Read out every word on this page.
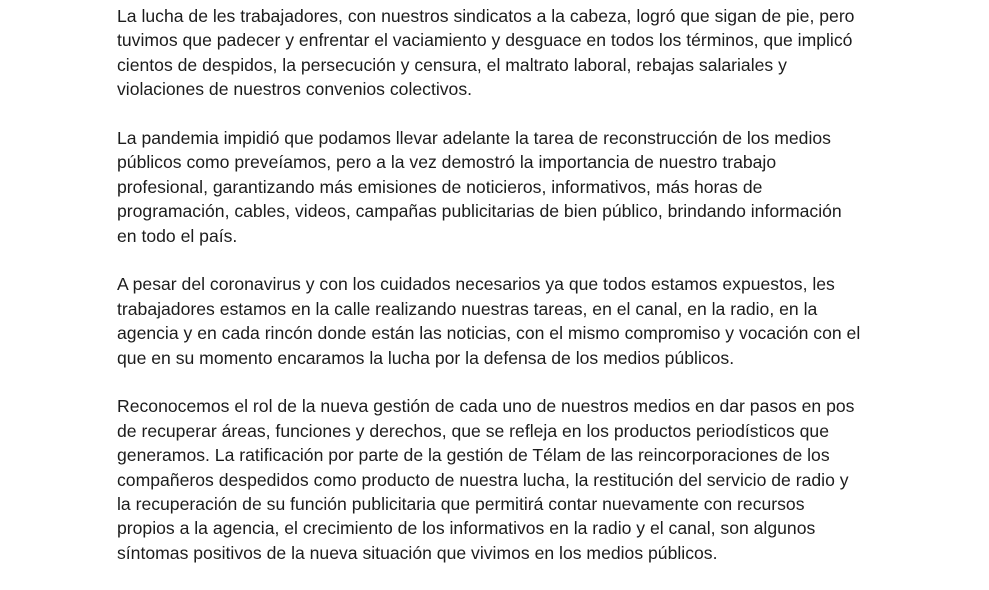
La lucha de les trabajadores, con nuestros sindicatos a la cabeza, logró que sigan de pie, pero
tuvimos que padecer y enfrentar el vaciamiento y desguace en todos los términos, que implicó
cientos de despidos, la persecución y censura, el maltrato laboral, rebajas salariales y
violaciones de nuestros convenios colectivos.

La pandemia impidió que podamos llevar adelante la tarea de reconstrucción de los medios
públicos como preveíamos, pero a la vez demostró la importancia de nuestro trabajo
profesional, garantizando más emisiones de noticieros, informativos, más horas de
programación, cables, videos, campañas publicitarias de bien público, brindando información
en todo el país.

A pesar del coronavirus y con los cuidados necesarios ya que todos estamos expuestos, les
trabajadores estamos en la calle realizando nuestras tareas, en el canal, en la radio, en la
agencia y en cada rincón donde están las noticias, con el mismo compromiso y vocación con el
que en su momento encaramos la lucha por la defensa de los medios públicos.

Reconocemos el rol de la nueva gestión de cada uno de nuestros medios en dar pasos en pos
de recuperar áreas, funciones y derechos, que se refleja en los productos periodísticos que
generamos. La ratificación por parte de la gestión de Télam de las reincorporaciones de los
compañeros despedidos como producto de nuestra lucha, la restitución del servicio de radio y
la recuperación de su función publicitaria que permitirá contar nuevamente con recursos
propios a la agencia, el crecimiento de los informativos en la radio y el canal, son algunos
síntomas positivos de la nueva situación que vivimos en los medios públicos.
